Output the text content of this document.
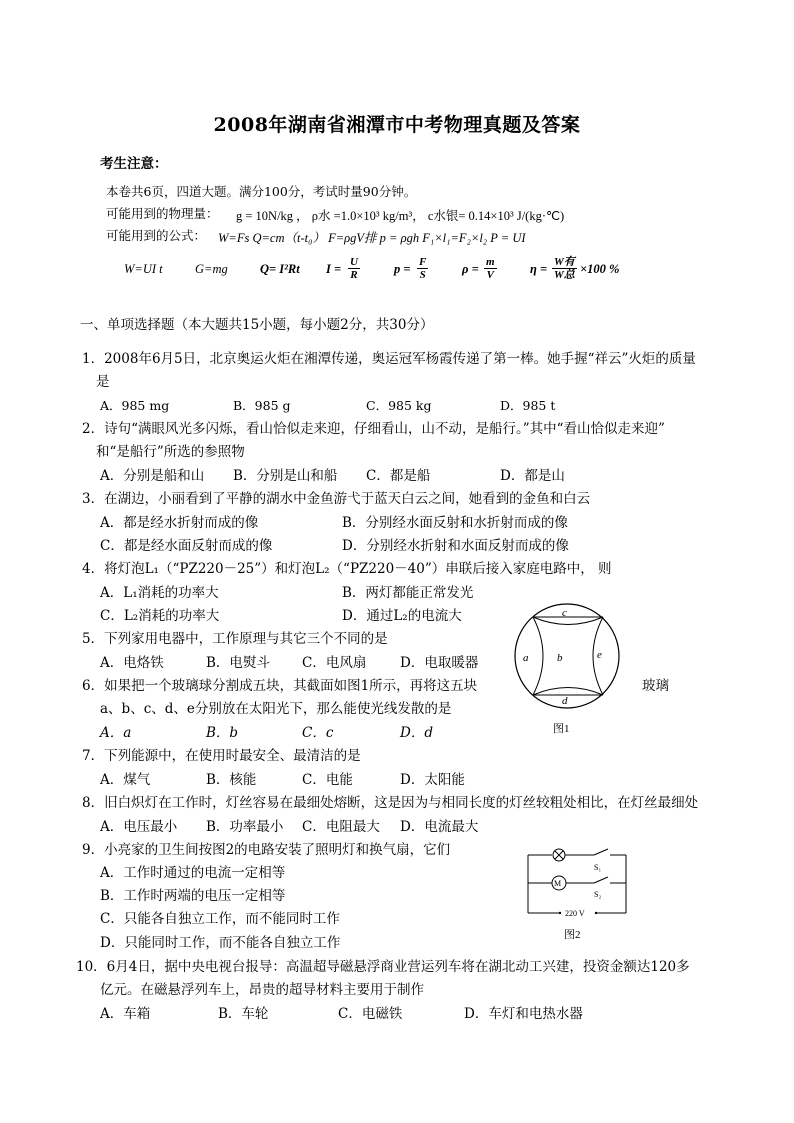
2008年湖南省湘潭市中考物理真题及答案
考生注意：
本卷共6页，四道大题。满分100分，考试时量90分钟。
可能用到的物理量： g = 10N/kg ， ρ水 =1.0×10³ kg/m³， c水银= 0.14×10³ J/(kg·℃)
可能用到的公式： W=Fs Q=cm（t-t₀） F=ρgV排 p = ρgh F₁×l₁=F₂×l₂ P = UI
W=UI t	G=mg	Q= I²Rt $I = \frac{U}{R}$	$p = \frac{F}{S}$	$\rho = \frac{m}{V}$	η = W有
W总 ×100 %
一、单项选择题（本大题共15小题，每小题2分，共30分）
1．2008年6月5日，北京奥运火炬在湘潭传递，奥运冠军杨霞传递了第一棒。她手握“祥云”火炬的质量
是
A．985 mg	B．985 g	C．985 kg	D．985 t
2．诗句“满眼风光多闪烁，看山恰似走来迎，仔细看山，山不动，是船行。”其中“看山恰似走来迎”
和“是船行”所选的参照物
A．分别是船和山 B．分别是山和船 C．都是船	D．都是山
3．在湖边，小丽看到了平静的湖水中金鱼游弋于蓝天白云之间，她看到的金鱼和白云
A．都是经水折射而成的像	B．分别经水面反射和水折射而成的像
C．都是经水面反射而成的像	D．分别经水折射和水面反射而成的像
4．将灯泡L₁（“PZ220－25”）和灯泡L₂（“PZ220－40”）串联后接入家庭电路中， 则
A．L₁消耗的功率大	B．两灯都能正常发光
C．L₂消耗的功率大	D．通过L₂的电流大
5．下列家用电器中，工作原理与其它三个不同的是
A．电烙铁	B．电熨斗 C．电风扇 D．电取暖器
6．如果把一个玻璃球分割成五块，其截面如图1所示，再将这五块	玻璃
a、b、c、d、e分别放在太阳光下，那么能使光线发散的是
A．a	B．b	C．c	D．d
7．下列能源中，在使用时最安全、最清洁的是
A．煤气	B．核能	C．电能	D．太阳能
8．旧白炽灯在工作时，灯丝容易在最细处熔断，这是因为与相同长度的灯丝较粗处相比，在灯丝最细处
A．电压最小 B．功率最小 C．电阻最大 D．电流最大
9．小亮家的卫生间按图2的电路安装了照明灯和换气扇，它们
A．工作时通过的电流一定相等
B．工作时两端的电压一定相等
C．只能各自独立工作，而不能同时工作
D．只能同时工作，而不能各自独立工作
10．6月4日，据中央电视台报导：高温超导磁悬浮商业营运列车将在湖北动工兴建，投资金额达120多
亿元。在磁悬浮列车上，昂贵的超导材料主要用于制作
A．车箱	B．车轮	C．电磁铁	D．车灯和电热水器
a	b
c
d
e
图1
S₁
M
S₂
220 V
图2
